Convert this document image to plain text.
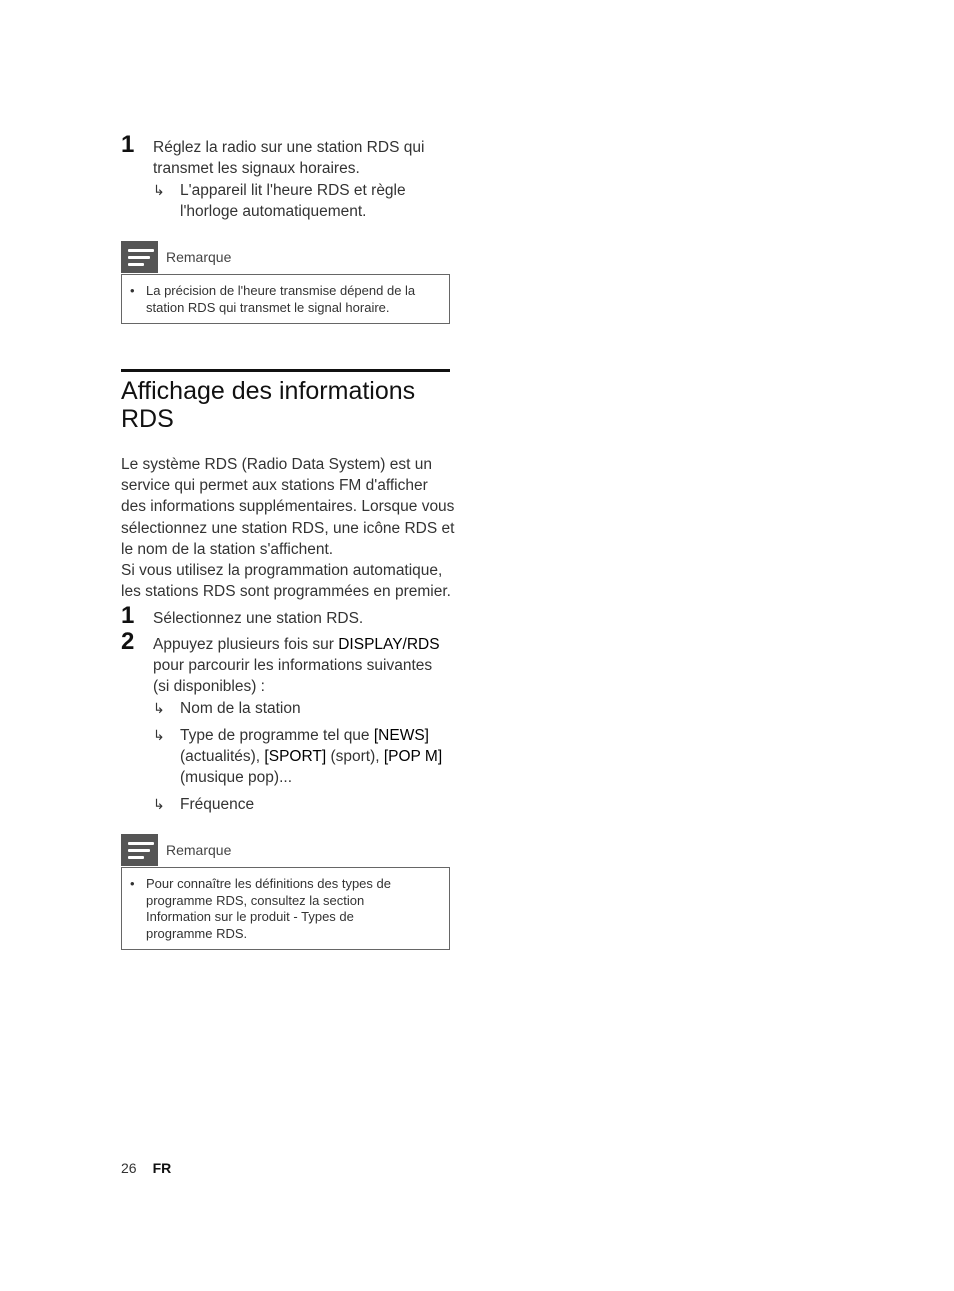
1 Réglez la radio sur une station RDS qui transmet les signaux horaires.
↳ L'appareil lit l'heure RDS et règle l'horloge automatiquement.
Remarque
• La précision de l'heure transmise dépend de la station RDS qui transmet le signal horaire.
Affichage des informations RDS
Le système RDS (Radio Data System) est un service qui permet aux stations FM d'afficher des informations supplémentaires. Lorsque vous sélectionnez une station RDS, une icône RDS et le nom de la station s'affichent.
Si vous utilisez la programmation automatique, les stations RDS sont programmées en premier.
1 Sélectionnez une station RDS.
2 Appuyez plusieurs fois sur DISPLAY/RDS pour parcourir les informations suivantes (si disponibles) :
↳ Nom de la station
↳ Type de programme tel que [NEWS] (actualités), [SPORT] (sport), [POP M] (musique pop)...
↳ Fréquence
Remarque
• Pour connaître les définitions des types de programme RDS, consultez la section Information sur le produit - Types de programme RDS.
26 FR
